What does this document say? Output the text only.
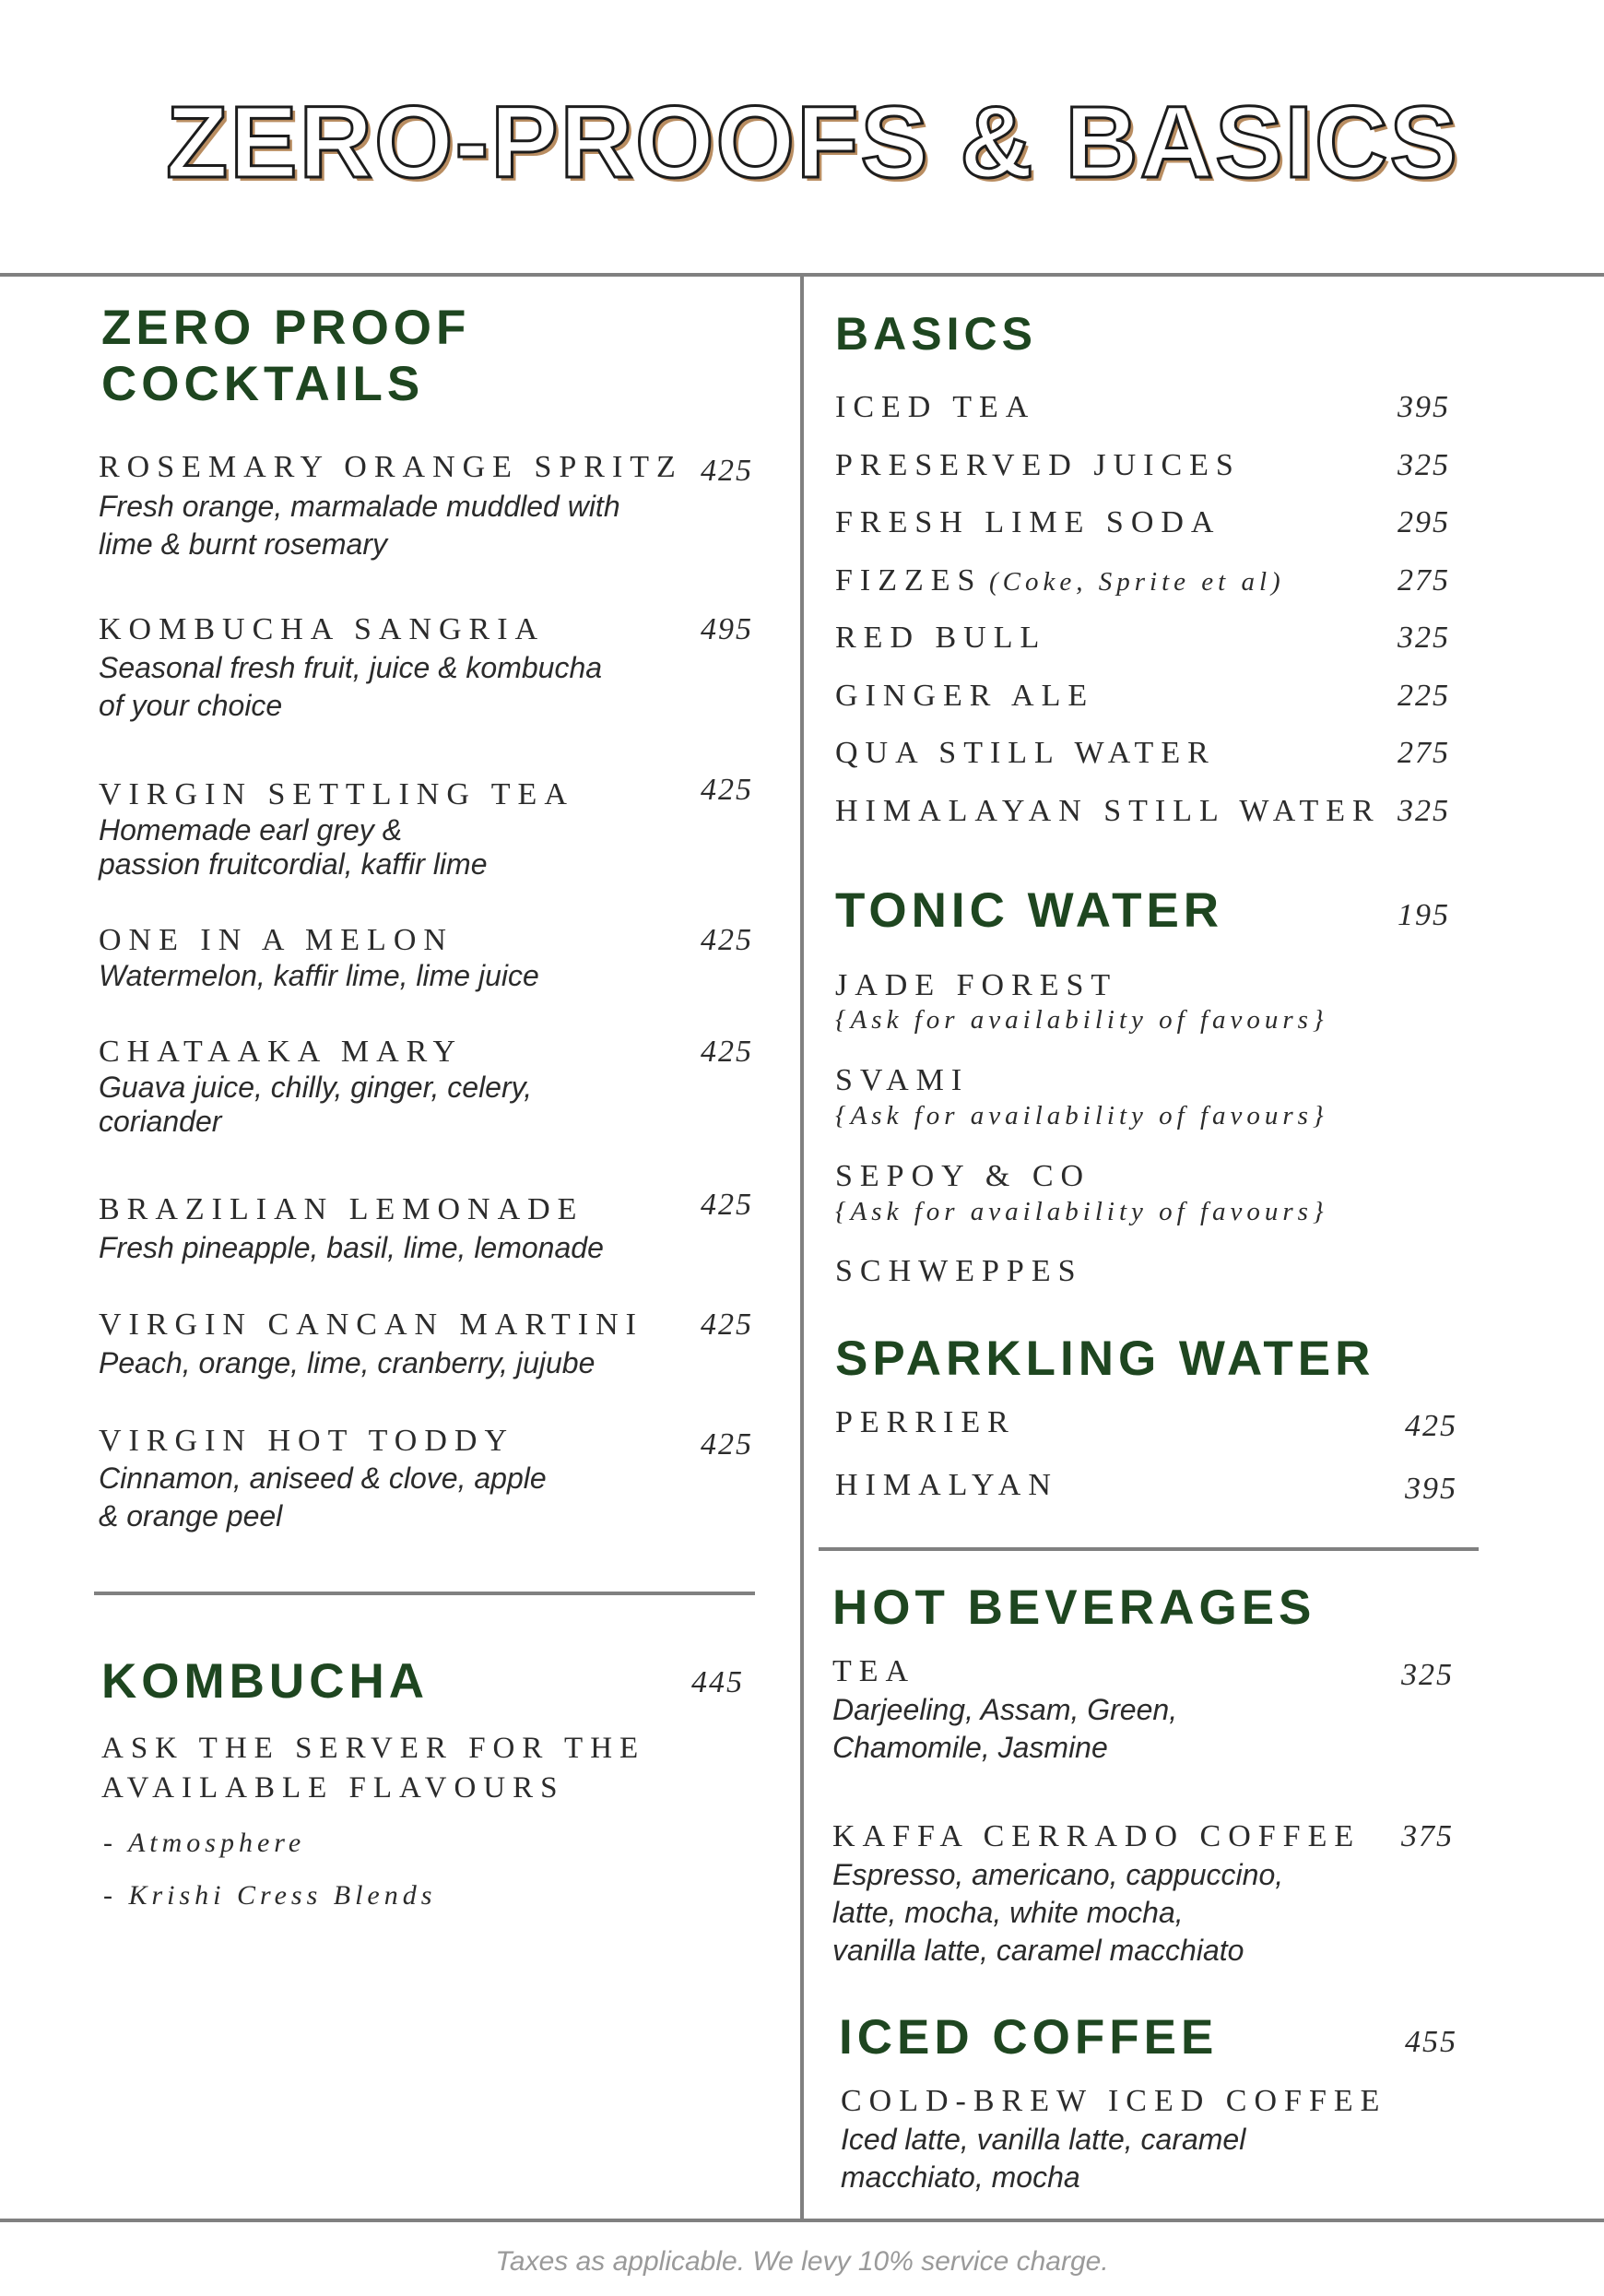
ZERO-PROOFS & BASICS
ZERO PROOF
COCKTAILS
ROSEMARY ORANGE SPRITZ 425
Fresh orange, marmalade muddled with
lime & burnt rosemary
KOMBUCHA SANGRIA	495
Seasonal fresh fruit, juice & kombucha
of your choice
VIRGIN SETTLING TEA	425
Homemade earl grey &
passion fruitcordial, kaffir lime
ONE IN A MELON	425
Watermelon, kaffir lime, lime juice
CHATAAKA MARY	425
Guava juice, chilly, ginger, celery,
coriander
BRAZILIAN LEMONADE	425
Fresh pineapple, basil, lime, lemonade
VIRGIN CANCAN MARTINI 425
Peach, orange, lime, cranberry, jujube
VIRGIN HOT TODDY	425
Cinnamon, aniseed & clove, apple
& orange peel
KOMBUCHA	445
ASK THE SERVER FOR THE
AVAILABLE FLAVOURS
- Atmosphere
- Krishi Cress Blends
BASICS
ICED TEA	395
PRESERVED JUICES	325
FRESH LIME SODA	295
FIZZES (Coke, Sprite et al)	275
RED BULL	325
GINGER ALE	225
QUA STILL WATER	275
HIMALAYAN STILL WATER 325
TONIC WATER	195
JADE FOREST
{Ask for availability of favours}
SVAMI
{Ask for availability of favours}
SEPOY & CO
{Ask for availability of favours}
SCHWEPPES
SPARKLING WATER
PERRIER	425
HIMALYAN	395
HOT BEVERAGES
TEA	325
Darjeeling, Assam, Green,
Chamomile, Jasmine
KAFFA CERRADO COFFEE 375
Espresso, americano, cappuccino,
latte, mocha, white mocha,
vanilla latte, caramel macchiato
ICED COFFEE	455
COLD-BREW ICED COFFEE
Iced latte, vanilla latte, caramel
macchiato, mocha
Taxes as applicable. We levy 10% service charge.
